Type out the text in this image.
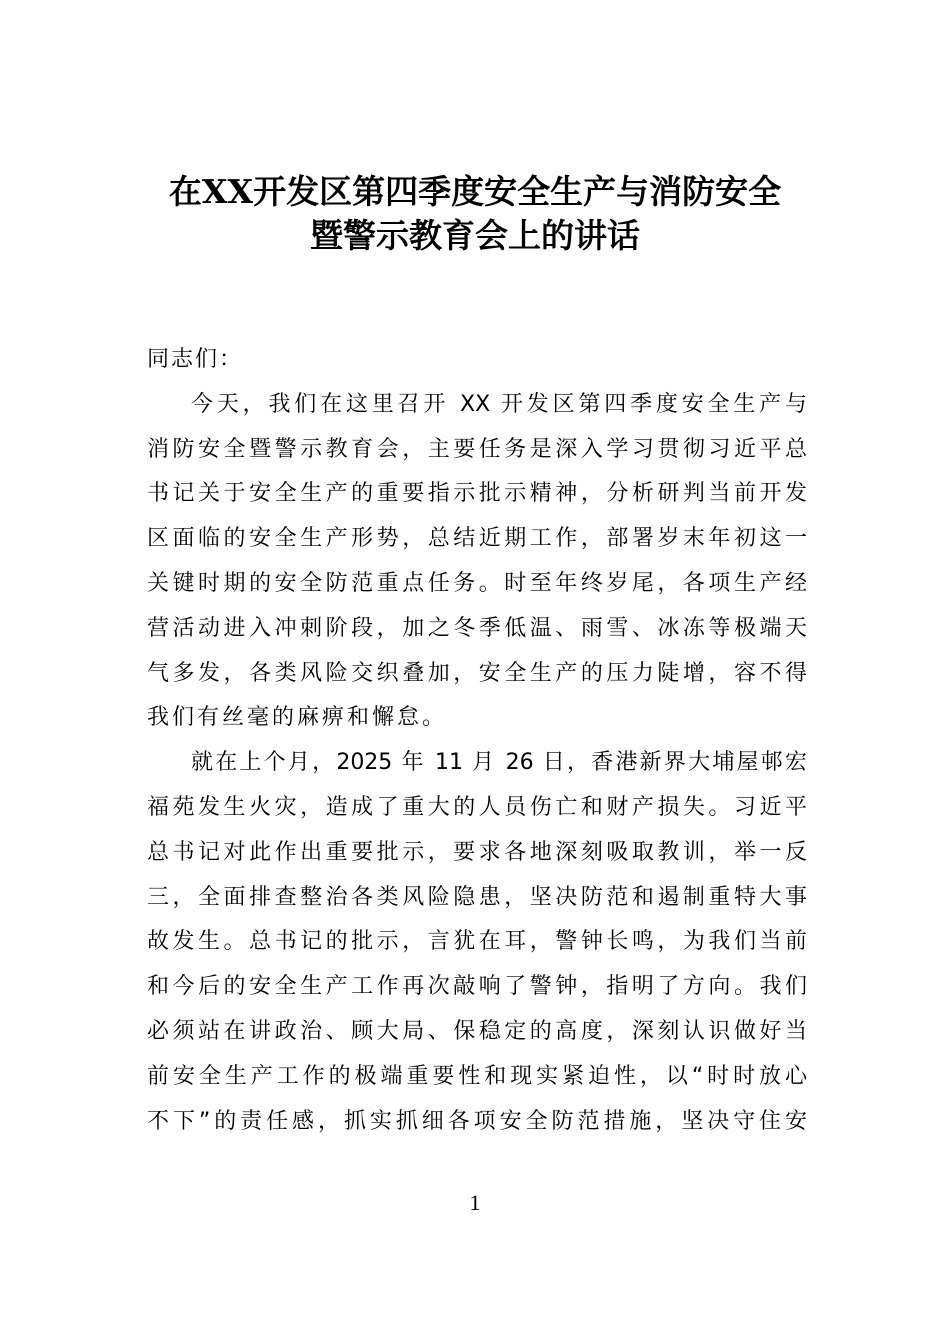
在XX开发区第四季度安全生产与消防安全
暨警示教育会上的讲话
同志们：
今天，我们在这里召开 XX 开发区第四季度安全生产与
消防安全暨警示教育会，主要任务是深入学习贯彻习近平总
书记关于安全生产的重要指示批示精神，分析研判当前开发
区面临的安全生产形势，总结近期工作，部署岁末年初这一
关键时期的安全防范重点任务。时至年终岁尾，各项生产经
营活动进入冲刺阶段，加之冬季低温、雨雪、冰冻等极端天
气多发，各类风险交织叠加，安全生产的压力陡增，容不得
我们有丝毫的麻痹和懈怠。
就在上个月，2025 年 11 月 26 日，香港新界大埔屋邨宏
福苑发生火灾，造成了重大的人员伤亡和财产损失。习近平
总书记对此作出重要批示，要求各地深刻吸取教训，举一反
三，全面排查整治各类风险隐患，坚决防范和遏制重特大事
故发生。总书记的批示，言犹在耳，警钟长鸣，为我们当前
和今后的安全生产工作再次敲响了警钟，指明了方向。我们
必须站在讲政治、顾大局、保稳定的高度，深刻认识做好当
前安全生产工作的极端重要性和现实紧迫性，以“时时放心
不下”的责任感，抓实抓细各项安全防范措施，坚决守住安
1
